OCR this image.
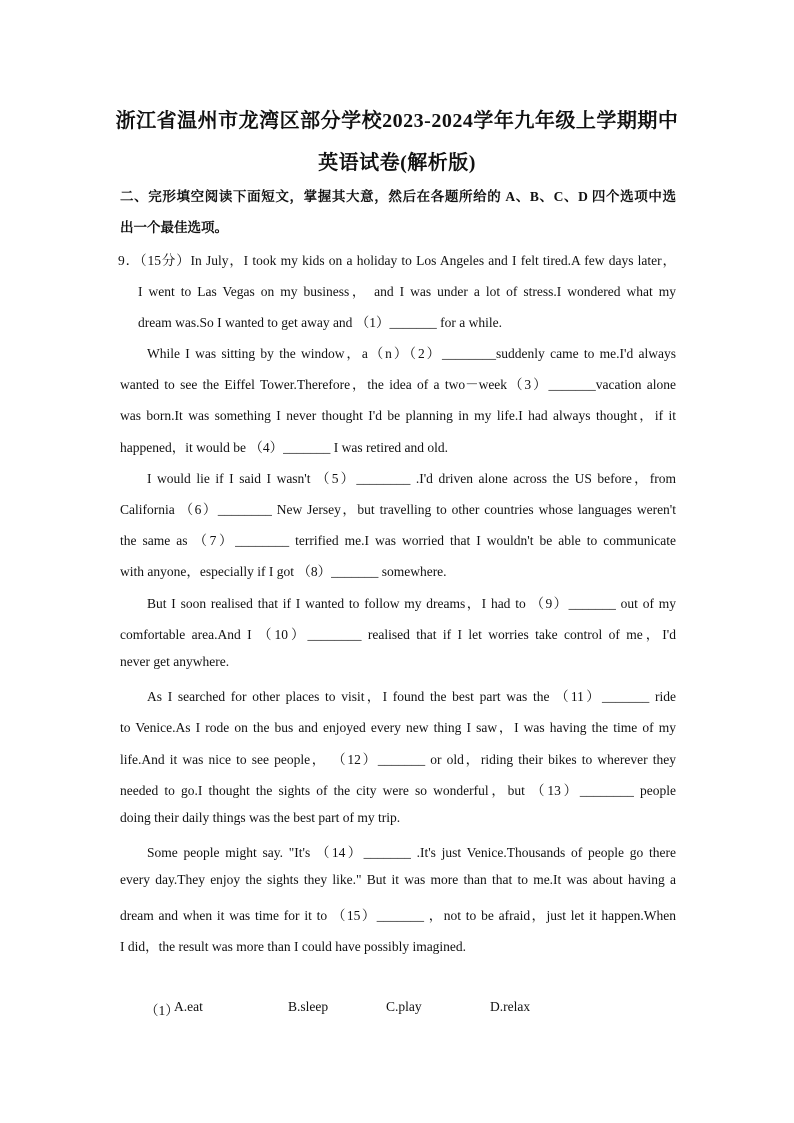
浙江省温州市龙湾区部分学校2023-2024学年九年级上学期期中
英语试卷(解析版)
二、完形填空阅读下面短文，掌握其大意，然后在各题所给的 A、B、C、D 四个选项中选
出一个最佳选项。
9．（15分）In July，I took my kids on a holiday to Los Angeles and I felt tired.A few days later，
I went to Las Vegas on my business， and I was under a lot of stress.I wondered what my
dream was.So I wanted to get away and （1）_______ for a while.
While I was sitting by the window，a（n）（2）________suddenly came to me.I'd always
wanted to see the Eiffel Tower.Therefore，the idea of a two－week（3）_______vacation alone
was born.It was something I never thought I'd be planning in my life.I had always thought，if it
happened，it would be （4）_______ I was retired and old.
I would lie if I said I wasn't （5）________ .I'd driven alone across the US before，from
California （6）________ New Jersey，but travelling to other countries whose languages weren't
the same as （7）________ terrified me.I was worried that I wouldn't be able to communicate
with anyone，especially if I got （8）_______ somewhere.
But I soon realised that if I wanted to follow my dreams，I had to （9）_______ out of my
comfortable area.And I （10）________ realised that if I let worries take control of me，I'd
never get anywhere.
As I searched for other places to visit，I found the best part was the （11）_______ ride
to Venice.As I rode on the bus and enjoyed every new thing I saw，I was having the time of my
life.And it was nice to see people， （12）_______ or old，riding their bikes to wherever they
needed to go.I thought the sights of the city were so wonderful，but （13）________ people
doing their daily things was the best part of my trip.
Some people might say. "It's （14）_______ .It's just Venice.Thousands of people go there
every day.They enjoy the sights they like." But it was more than that to me.It was about having a
dream and when it was time for it to （15）_______ ，not to be afraid，just let it happen.When
I did，the result was more than I could have possibly imagined.
（1）
A.eat	B.sleep	C.play	D.relax
